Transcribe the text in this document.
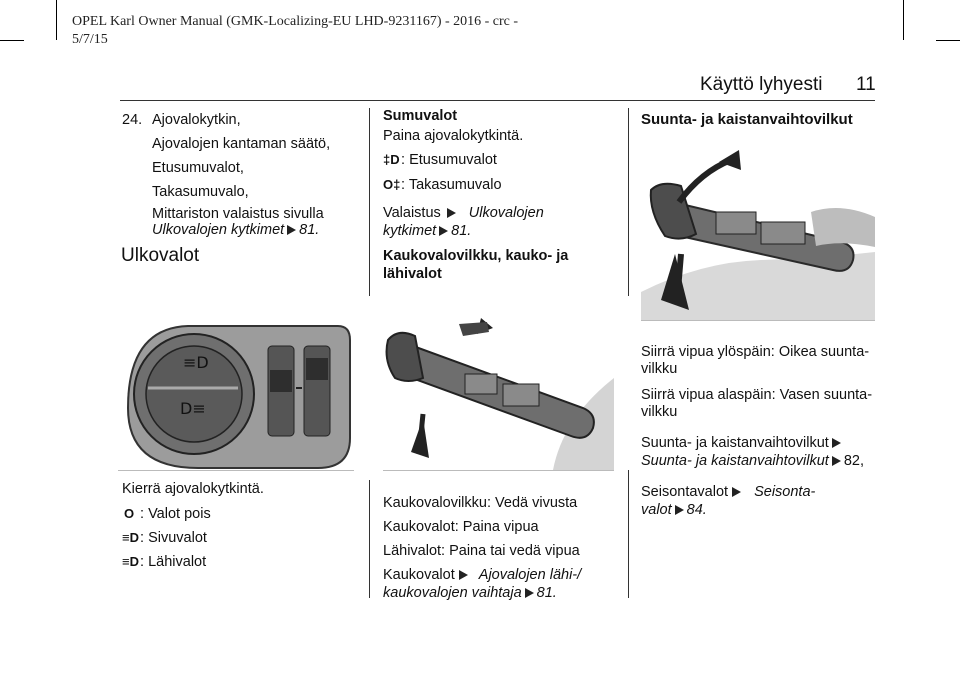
OPEL Karl Owner Manual (GMK-Localizing-EU LHD-9231167) - 2016 - crc -
5/7/15
Käyttö lyhyesti 11
24. Ajovalokytkin,
Ajovalojen kantaman säätö,
Etusumuvalot,
Takasumuvalo,
Mittariston valaistus sivulla
Ulkovalojen kytkimet 81.
Ulkovalot
Sumuvalot
Paina ajovalokytkintä.
‡D : Etusumuvalot
O‡ : Takasumuvalo
Valaistus Ulkovalojen
kytkimet 81.
Kaukovalovilkku, kauko- ja
lähivalot
Suunta- ja kaistanvaihtovilkut
≡D
D≡
Siirrä vipua ylöspäin: Oikea suunta-
vilkku
Siirrä vipua alaspäin: Vasen suunta-
vilkku
Suunta- ja kaistanvaihtovilkut
Suunta- ja kaistanvaihtovilkut 82,
Seisontavalot Seisonta-
valot 84.
Kierrä ajovalokytkintä.
O : Valot pois
≡D : Sivuvalot
≡D : Lähivalot
Kaukovalovilkku: Vedä vivusta
Kaukovalot: Paina vipua
Lähivalot: Paina tai vedä vipua
Kaukovalot Ajovalojen lähi-/
kaukovalojen vaihtaja 81.
